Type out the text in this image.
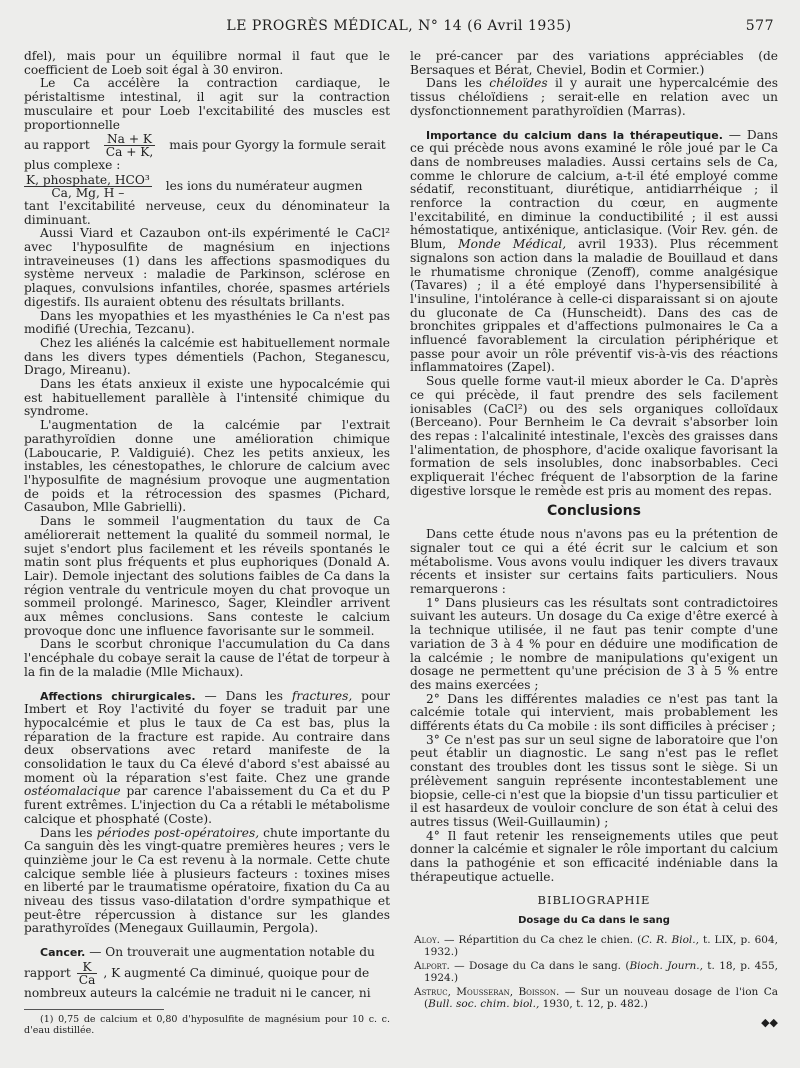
LE PROGRÈS MÉDICAL, N° 14 (6 Avril 1935)	577

dfel), mais pour un équilibre normal il faut que le coefficient de Loeb soit égal à 30 environ.

Le Ca accélère la contraction cardiaque, le péristaltisme intestinal, il agit sur la contraction musculaire et pour Loeb l'excitabilité des muscles est proportionnelle

au rapport $\frac{Na + K}{Ca + K,}$ mais pour Gyorgy la formule serait

plus complexe :

$\frac{\text{K, phosphate, HCO³}}{Ca, Mg, H -}$ les ions du numérateur augmen

tant l'excitabilité nerveuse, ceux du dénominateur la diminuant.

Aussi Viard et Cazaubon ont-ils expérimenté le CaCl² avec l'hyposulfite de magnésium en injections intraveineuses (1) dans les affections spasmodiques du système nerveux : maladie de Parkinson, sclérose en plaques, convulsions infantiles, chorée, spasmes artériels digestifs. Ils auraient obtenu des résultats brillants.

Dans les myopathies et les myasthénies le Ca n'est pas modifié (Urechia, Tezcanu).

Chez les aliénés la calcémie est habituellement normale dans les divers types démentiels (Pachon, Steganescu, Drago, Mireanu).

Dans les états anxieux il existe une hypocalcémie qui est habituellement parallèle à l'intensité chimique du syndrome.

L'augmentation de la calcémie par l'extrait parathyroïdien donne une amélioration chimique (Laboucarie, P. Valdiguié). Chez les petits anxieux, les instables, les cénestopathes, le chlorure de calcium avec l'hyposulfite de magnésium provoque une augmentation de poids et la rétrocession des spasmes (Pichard, Casaubon, Mlle Gabrielli).

Dans le sommeil l'augmentation du taux de Ca améliorerait nettement la qualité du sommeil normal, le sujet s'endort plus facilement et les réveils spontanés le matin sont plus fréquents et plus euphoriques (Donald A. Lair). Demole injectant des solutions faibles de Ca dans la région ventrale du ventricule moyen du chat provoque un sommeil prolongé. Marinesco, Sager, Kleindler arrivent aux mêmes conclusions. Sans conteste le calcium provoque donc une influence favorisante sur le sommeil.

Dans le scorbut chronique l'accumulation du Ca dans l'encéphale du cobaye serait la cause de l'état de torpeur à la fin de la maladie (Mlle Michaux).

Affections chirurgicales. — Dans les fractures, pour Imbert et Roy l'activité du foyer se traduit par une hypocalcémie et plus le taux de Ca est bas, plus la réparation de la fracture est rapide. Au contraire dans deux observations avec retard manifeste de la consolidation le taux du Ca élevé d'abord s'est abaissé au moment où la réparation s'est faite. Chez une grande ostéomalacique par carence l'abaissement du Ca et du P furent extrêmes. L'injection du Ca a rétabli le métabolisme calcique et phosphaté (Coste).

Dans les périodes post-opératoires, chute importante du Ca sanguin dès les vingt-quatre premières heures ; vers le quinzième jour le Ca est revenu à la normale. Cette chute calcique semble liée à plusieurs facteurs : toxines mises en liberté par le traumatisme opératoire, fixation du Ca au niveau des tissus vaso-dilatation d'ordre sympathique et peut-être répercussion à distance sur les glandes parathyroïdes (Menegaux Guillaumin, Pergola).

Cancer. — On trouverait une augmentation notable du

rapport $\frac{K}{Ca}$ , K augmenté Ca diminué, quoique pour de

nombreux auteurs la calcémie ne traduit ni le cancer, ni

(1) 0,75 de calcium et 0,80 d'hyposulfite de magnésium pour 10 c. c. d'eau distillée.

le pré-cancer par des variations appréciables (de Bersaques et Bérat, Cheviel, Bodin et Cormier.)

Dans les chéloïdes il y aurait une hypercalcémie des tissus chéloïdiens ; serait-elle en relation avec un dysfonctionnement parathyroïdien (Marras).

Importance du calcium dans la thérapeutique. — Dans ce qui précède nous avons examiné le rôle joué par le Ca dans de nombreuses maladies. Aussi certains sels de Ca, comme le chlorure de calcium, a-t-il été employé comme sédatif, reconstituant, diurétique, antidiarrhéique ; il renforce la contraction du cœur, en augmente l'excitabilité, en diminue la conductibilité ; il est aussi hémostatique, antixénique, anticlasique. (Voir Rev. gén. de Blum, Monde Médical, avril 1933). Plus récemment signalons son action dans la maladie de Bouillaud et dans le rhumatisme chronique (Zenoff), comme analgésique (Tavares) ; il a été employé dans l'hypersensibilité à l'insuline, l'intolérance à celle-ci disparaissant si on ajoute du gluconate de Ca (Hunscheidt). Dans des cas de bronchites grippales et d'affections pulmonaires le Ca a influencé favorablement la circulation périphérique et passe pour avoir un rôle préventif vis-à-vis des réactions inflammatoires (Zapel).

Sous quelle forme vaut-il mieux aborder le Ca. D'après ce qui précède, il faut prendre des sels facilement ionisables (CaCl²) ou des sels organiques colloïdaux (Berceano). Pour Bernheim le Ca devrait s'absorber loin des repas : l'alcalinité intestinale, l'excès des graisses dans l'alimentation, de phosphore, d'acide oxalique favorisant la formation de sels insolubles, donc inabsorbables. Ceci expliquerait l'échec fréquent de l'absorption de la farine digestive lorsque le remède est pris au moment des repas.

Conclusions

Dans cette étude nous n'avons pas eu la prétention de signaler tout ce qui a été écrit sur le calcium et son métabolisme. Vous avons voulu indiquer les divers travaux récents et insister sur certains faits particuliers. Nous remarquerons :

1° Dans plusieurs cas les résultats sont contradictoires suivant les auteurs. Un dosage du Ca exige d'être exercé à la technique utilisée, il ne faut pas tenir compte d'une variation de 3 à 4 % pour en déduire une modification de la calcémie ; le nombre de manipulations qu'exigent un dosage ne permettent qu'une précision de 3 à 5 % entre des mains exercées ;

2° Dans les différentes maladies ce n'est pas tant la calcémie totale qui intervient, mais probablement les différents états du Ca mobile : ils sont difficiles à préciser ;

3° Ce n'est pas sur un seul signe de laboratoire que l'on peut établir un diagnostic. Le sang n'est pas le reflet constant des troubles dont les tissus sont le siège. Si un prélèvement sanguin représente incontestablement une biopsie, celle-ci n'est que la biopsie d'un tissu particulier et il est hasardeux de vouloir conclure de son état à celui des autres tissus (Weil-Guillaumin) ;

4° Il faut retenir les renseignements utiles que peut donner la calcémie et signaler le rôle important du calcium dans la pathogénie et son efficacité indéniable dans la thérapeutique actuelle.

BIBLIOGRAPHIE
Dosage du Ca dans le sang
Aloy. — Répartition du Ca chez le chien. (C. R. Biol., t. LIX, p. 604, 1932.)
Alport. — Dosage du Ca dans le sang. (Bioch. Journ., t. 18, p. 455, 1924.)
Astruc, Mousseran, Boisson. — Sur un nouveau dosage de l'ion Ca (Bull. soc. chim. biol., 1930, t. 12, p. 482.)
◆◆
